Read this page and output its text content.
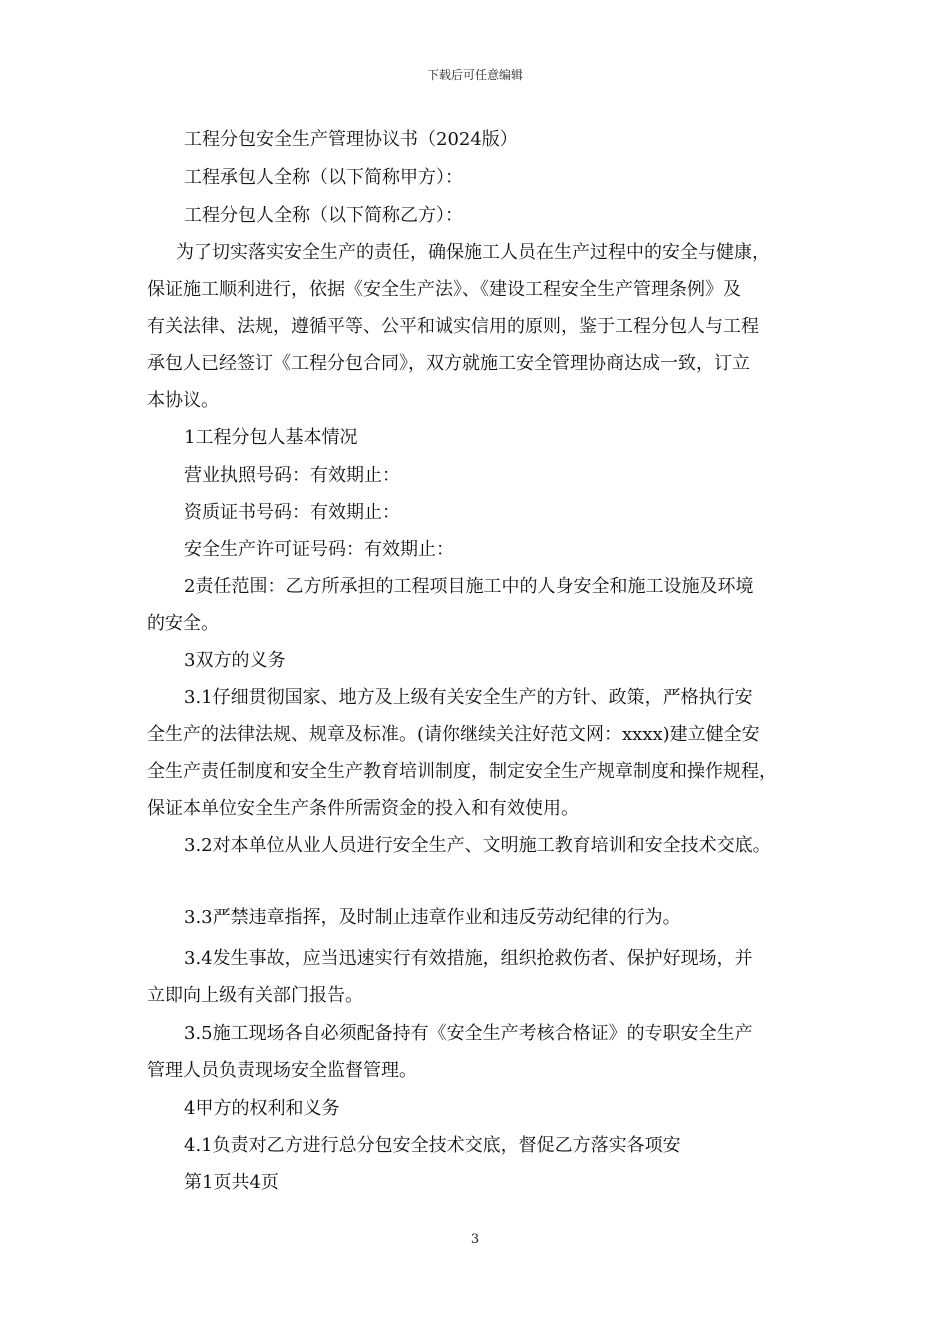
下载后可任意编辑
工程分包安全生产管理协议书（2024版）
工程承包人全称（以下简称甲方）：
工程分包人全称（以下简称乙方）：
为了切实落实安全生产的责任，确保施工人员在生产过程中的安全与健康，
保证施工顺利进行，依据《安全生产法》、《建设工程安全生产管理条例》及
有关法律、法规，遵循平等、公平和诚实信用的原则，鉴于工程分包人与工程
承包人已经签订《工程分包合同》，双方就施工安全管理协商达成一致，订立
本协议。
1工程分包人基本情况
营业执照号码：有效期止：
资质证书号码：有效期止：
安全生产许可证号码：有效期止：
2责任范围：乙方所承担的工程项目施工中的人身安全和施工设施及环境
的安全。
3双方的义务
3.1仔细贯彻国家、地方及上级有关安全生产的方针、政策，严格执行安
全生产的法律法规、规章及标准。(请你继续关注好范文网：xxxx)建立健全安
全生产责任制度和安全生产教育培训制度，制定安全生产规章制度和操作规程，
保证本单位安全生产条件所需资金的投入和有效使用。
3.2对本单位从业人员进行安全生产、文明施工教育培训和安全技术交底。
3.3严禁违章指挥，及时制止违章作业和违反劳动纪律的行为。
3.4发生事故，应当迅速实行有效措施，组织抢救伤者、保护好现场，并
立即向上级有关部门报告。
3.5施工现场各自必须配备持有《安全生产考核合格证》的专职安全生产
管理人员负责现场安全监督管理。
4甲方的权利和义务
4.1负责对乙方进行总分包安全技术交底，督促乙方落实各项安
第1页共4页
3
